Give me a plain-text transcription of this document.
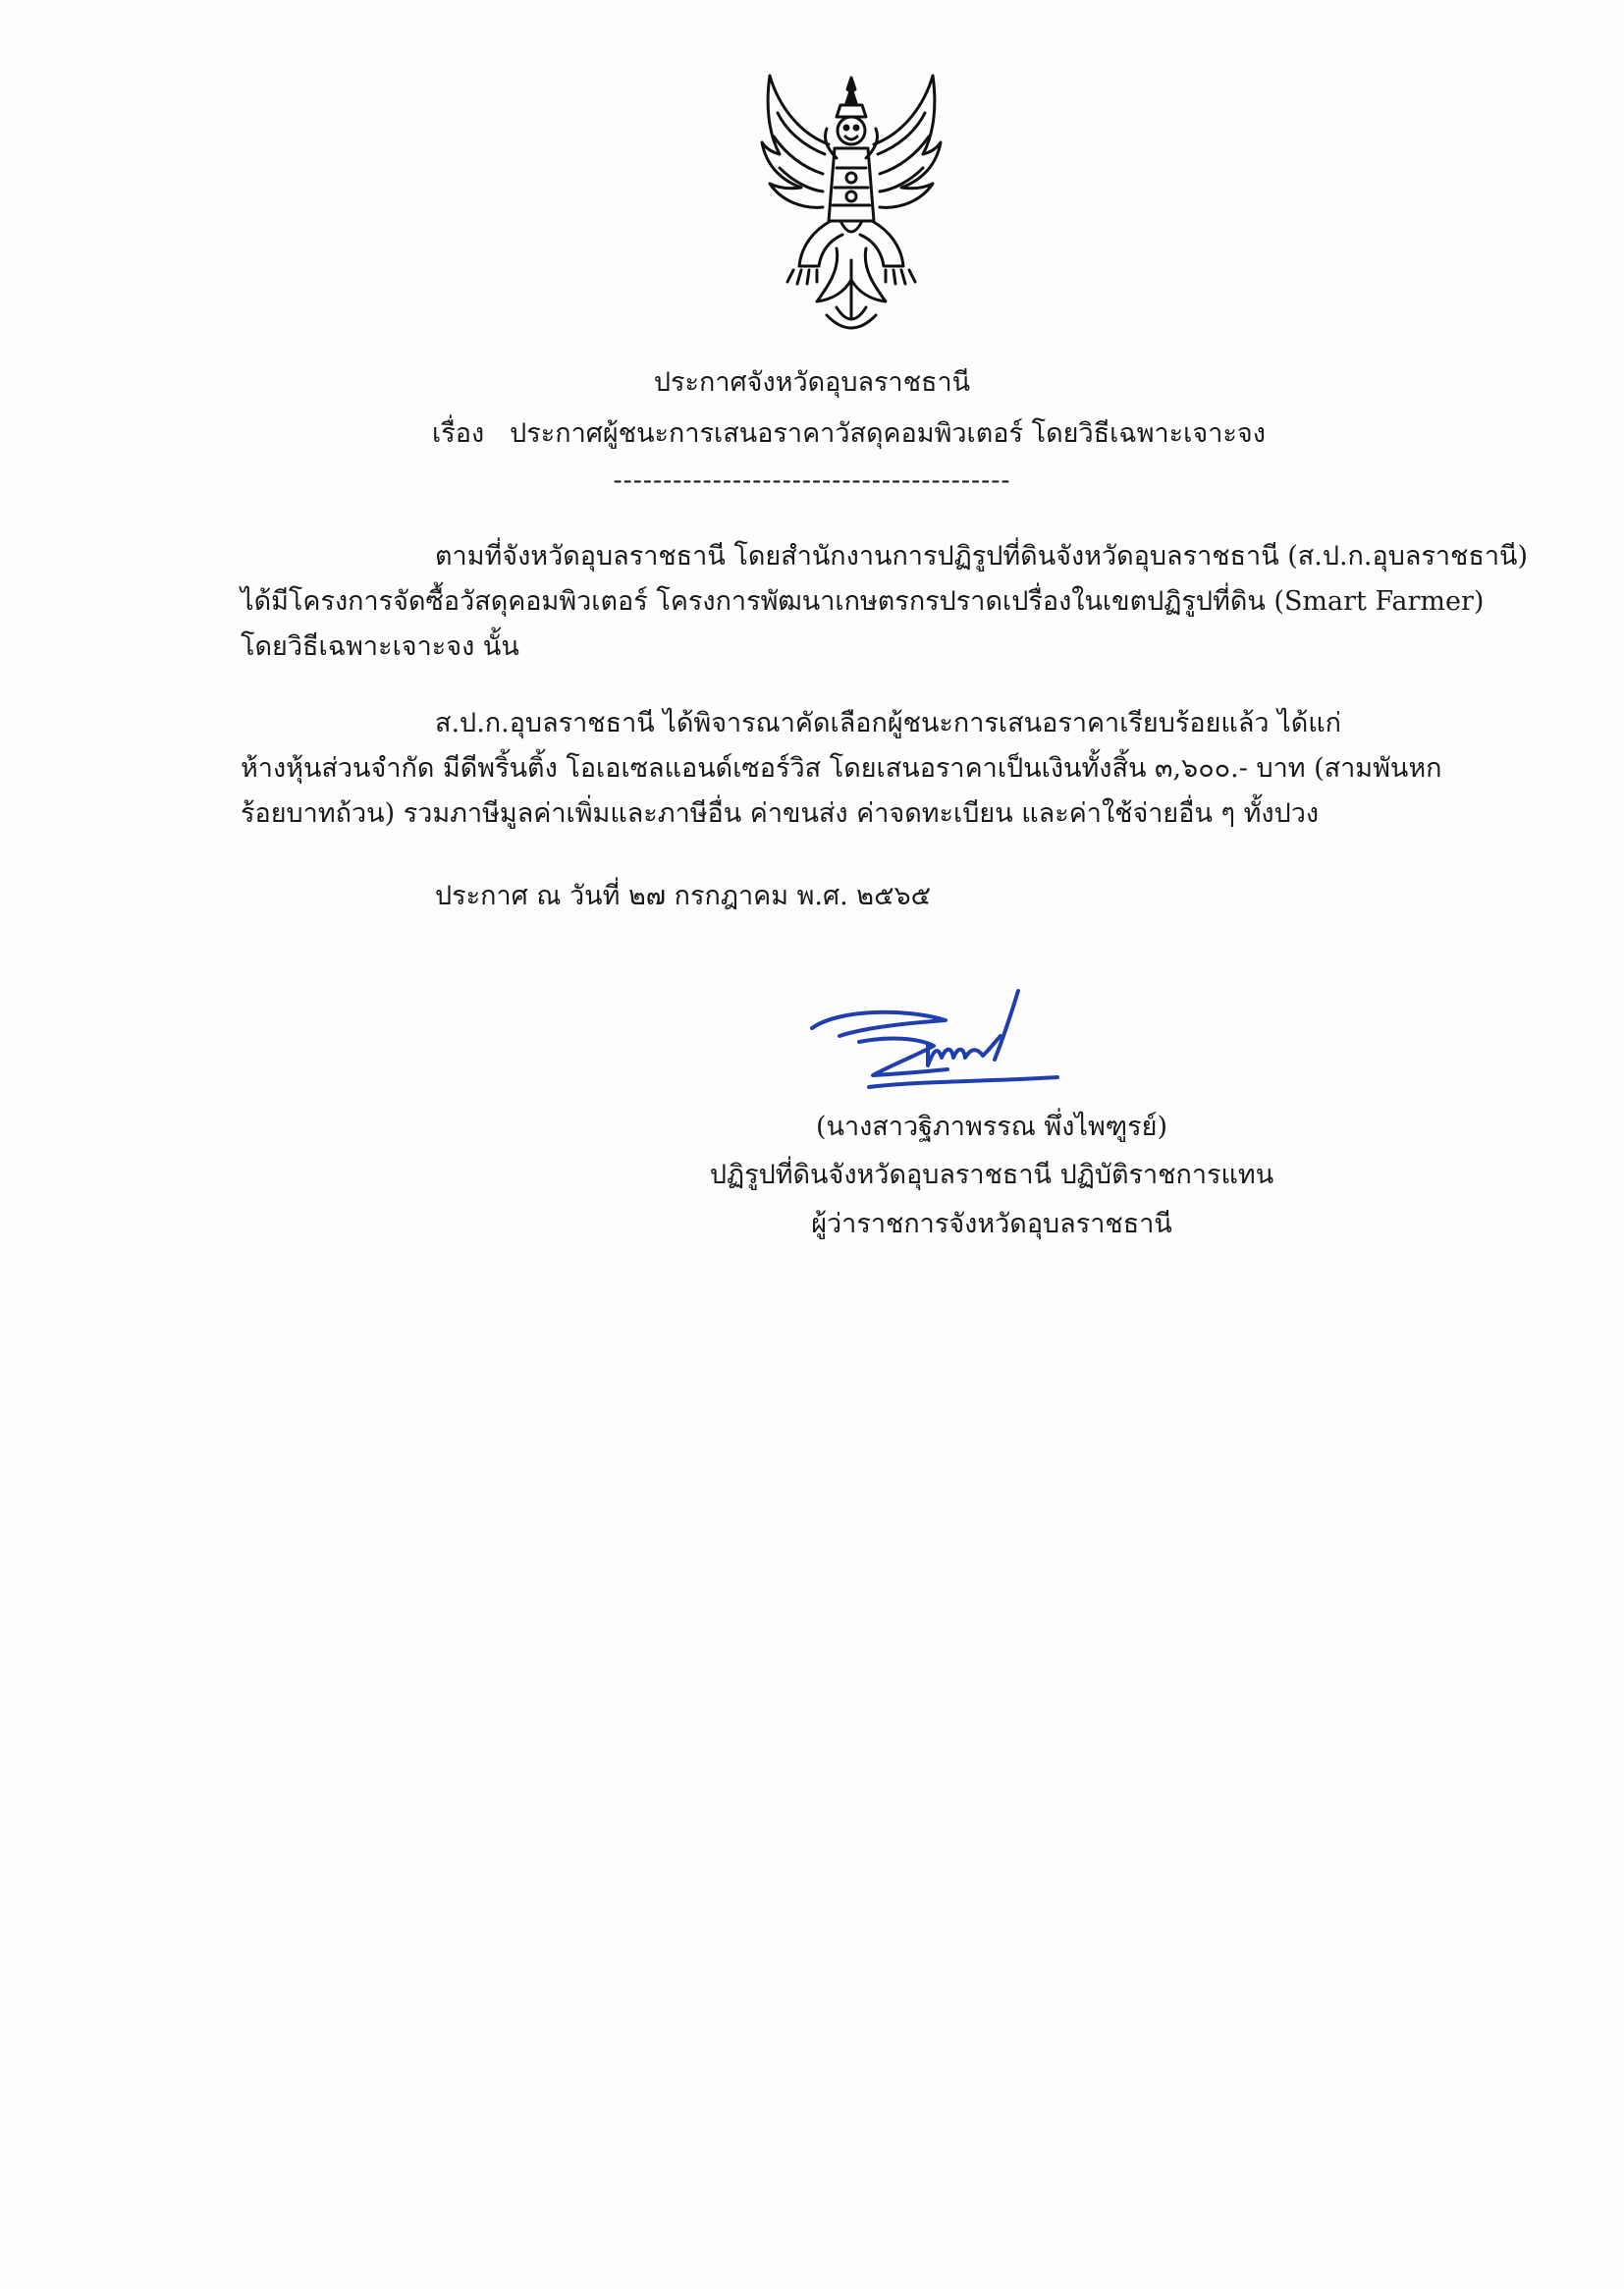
ประกาศจังหวัดอุบลราชธานี
เรื่อง ประกาศผู้ชนะการเสนอราคาวัสดุคอมพิวเตอร์ โดยวิธีเฉพาะเจาะจง
----------------------------------------
ตามที่จังหวัดอุบลราชธานี โดยสำนักงานการปฏิรูปที่ดินจังหวัดอุบลราชธานี (ส.ป.ก.อุบลราชธานี)
ได้มีโครงการจัดซื้อวัสดุคอมพิวเตอร์ โครงการพัฒนาเกษตรกรปราดเปรื่องในเขตปฏิรูปที่ดิน (Smart Farmer)
โดยวิธีเฉพาะเจาะจง นั้น
ส.ป.ก.อุบลราชธานี ได้พิจารณาคัดเลือกผู้ชนะการเสนอราคาเรียบร้อยแล้ว ได้แก่
ห้างหุ้นส่วนจำกัด มีดีพริ้นติ้ง โอเอเซลแอนด์เซอร์วิส โดยเสนอราคาเป็นเงินทั้งสิ้น ๓,๖๐๐.- บาท (สามพันหก
ร้อยบาทถ้วน) รวมภาษีมูลค่าเพิ่มและภาษีอื่น ค่าขนส่ง ค่าจดทะเบียน และค่าใช้จ่ายอื่น ๆ ทั้งปวง
ประกาศ ณ วันที่ ๒๗ กรกฎาคม พ.ศ. ๒๕๖๕
(นางสาวฐิภาพรรณ พึ่งไพฑูรย์)
ปฏิรูปที่ดินจังหวัดอุบลราชธานี ปฏิบัติราชการแทน
ผู้ว่าราชการจังหวัดอุบลราชธานี
